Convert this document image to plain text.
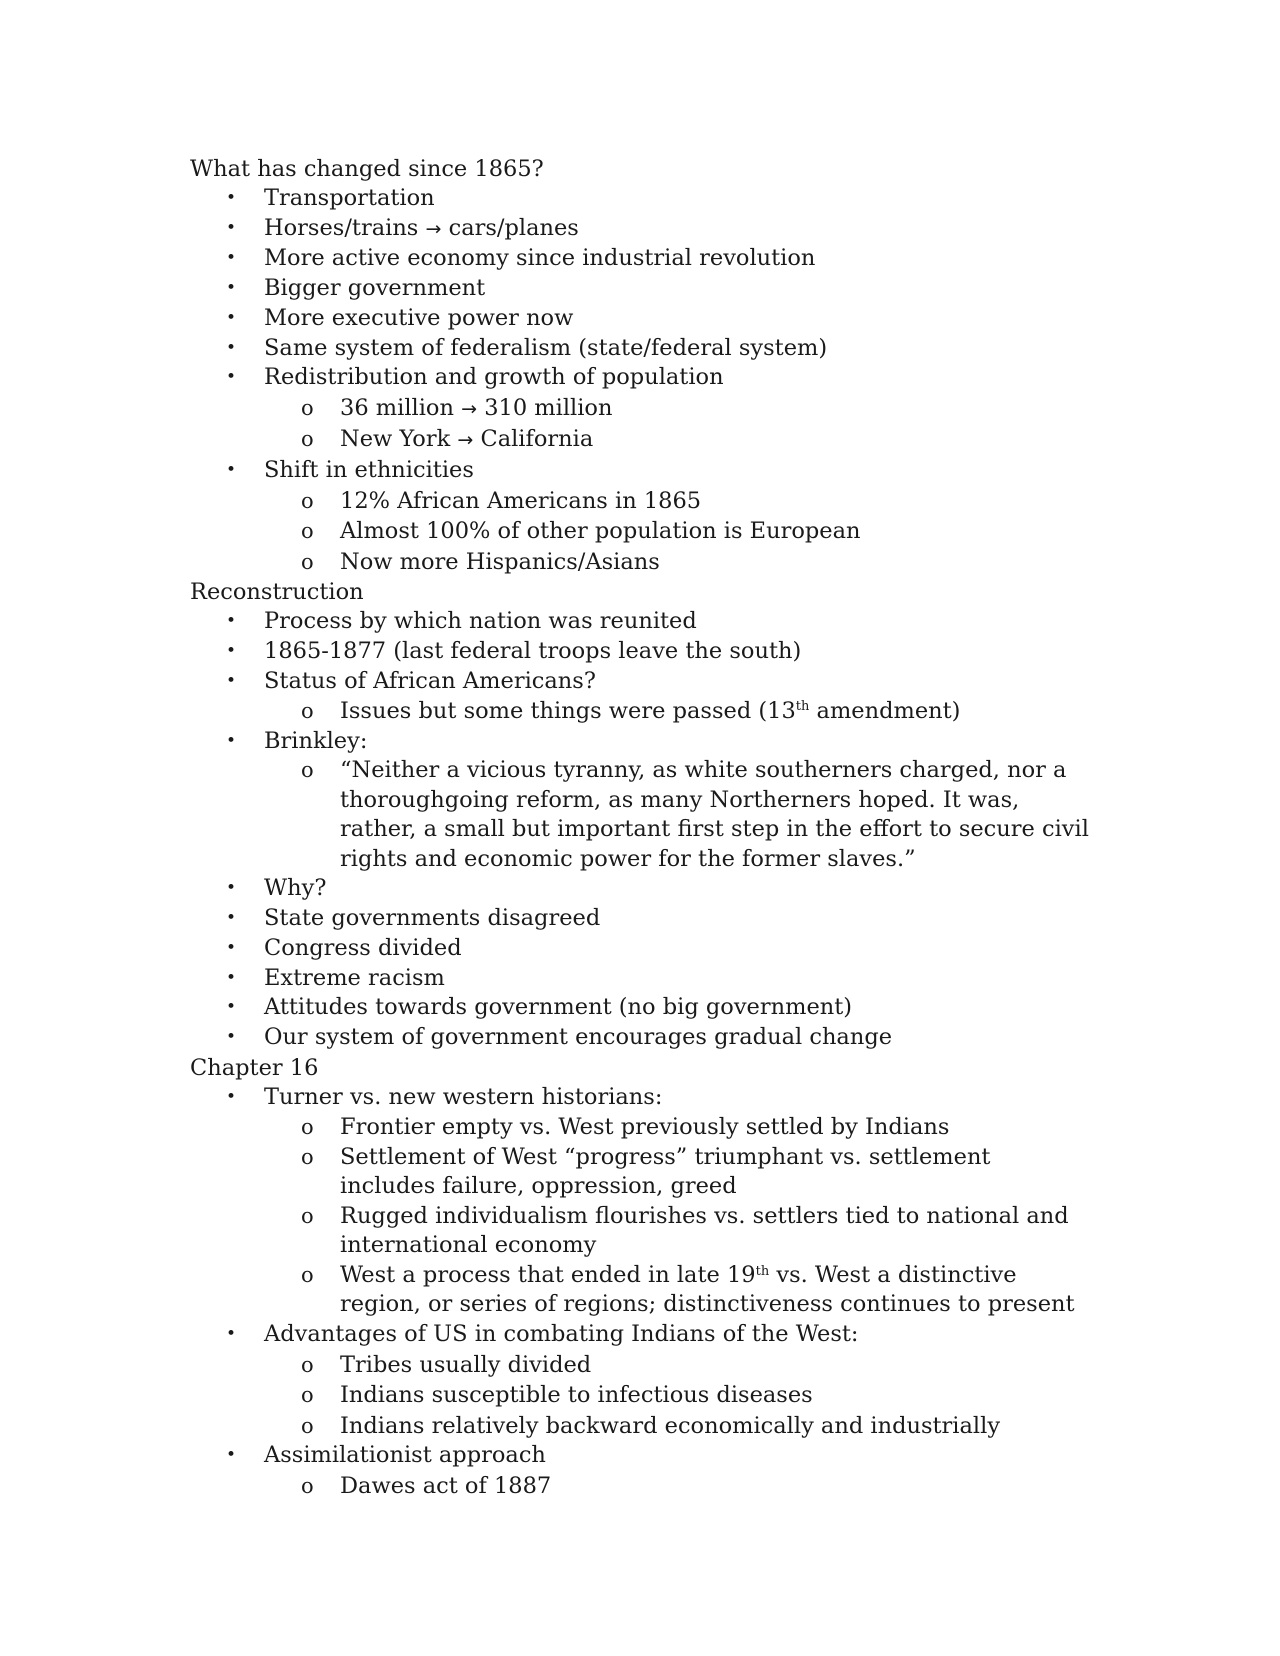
What has changed since 1865?
• Transportation
• Horses/trains → cars/planes
• More active economy since industrial revolution
• Bigger government
• More executive power now
• Same system of federalism (state/federal system)
• Redistribution and growth of population
o 36 million → 310 million
o New York → California
• Shift in ethnicities
o 12% African Americans in 1865
o Almost 100% of other population is European
o Now more Hispanics/Asians
Reconstruction
• Process by which nation was reunited
• 1865-1877 (last federal troops leave the south)
• Status of African Americans?
o Issues but some things were passed (13th amendment)
• Brinkley:
o “Neither a vicious tyranny, as white southerners charged, nor a thoroughgoing reform, as many Northerners hoped. It was, rather, a small but important first step in the effort to secure civil rights and economic power for the former slaves.”
• Why?
• State governments disagreed
• Congress divided
• Extreme racism
• Attitudes towards government (no big government)
• Our system of government encourages gradual change
Chapter 16
• Turner vs. new western historians:
o Frontier empty vs. West previously settled by Indians
o Settlement of West “progress” triumphant vs. settlement includes failure, oppression, greed
o Rugged individualism flourishes vs. settlers tied to national and international economy
o West a process that ended in late 19th vs. West a distinctive region, or series of regions; distinctiveness continues to present
• Advantages of US in combating Indians of the West:
o Tribes usually divided
o Indians susceptible to infectious diseases
o Indians relatively backward economically and industrially
• Assimilationist approach
o Dawes act of 1887
